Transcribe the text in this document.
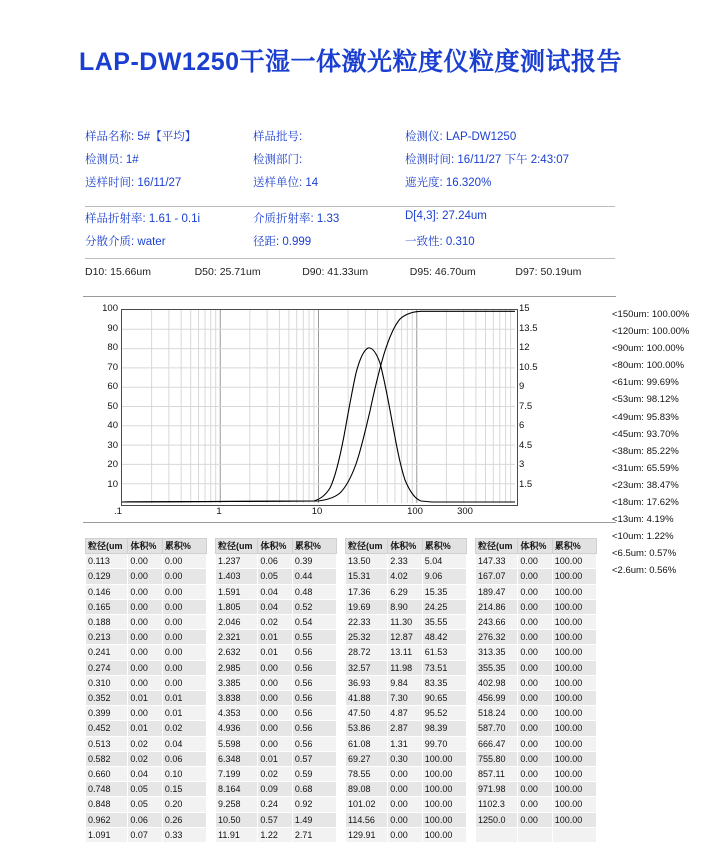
LAP-DW1250干湿一体激光粒度仪粒度测试报告
样品名称: 5#【平均】	样品批号:	检测仪: LAP-DW1250
检测员: 1#	检测部门:	检测时间: 16/11/27 下午 2:43:07
送样时间: 16/11/27	送样单位: 14	遮光度: 16.320%
样品折射率: 1.61 - 0.1i	介质折射率: 1.33	D[4,3]: 27.24um
分散介质: water	径距: 0.999	一致性: 0.310
D10: 15.66um	D50: 25.71um	D90: 41.33um	D95: 46.70um	D97: 50.19um
100
90
80
70
60
50
40
30
20
10
15
13.5
12
10.5
9
7.5
6
4.5
3
1.5
.1	1	10	100	300
<150um: 100.00%
<120um: 100.00%
<90um: 100.00%
<80um: 100.00%
<61um: 99.69%
<53um: 98.12%
<49um: 95.83%
<45um: 93.70%
<38um: 85.22%
<31um: 65.59%
<23um: 38.47%
<18um: 17.62%
<13um: 4.19%
<10um: 1.22%
<6.5um: 0.57%
<2.6um: 0.56%
粒径(um	体积%	累积%
0.113	0.00	0.00
0.129	0.00	0.00
0.146	0.00	0.00
0.165	0.00	0.00
0.188	0.00	0.00
0.213	0.00	0.00
0.241	0.00	0.00
0.274	0.00	0.00
0.310	0.00	0.00
0.352	0.01	0.01
0.399	0.00	0.01
0.452	0.01	0.02
0.513	0.02	0.04
0.582	0.02	0.06
0.660	0.04	0.10
0.748	0.05	0.15
0.848	0.05	0.20
0.962	0.06	0.26
1.091	0.07	0.33
粒径(um	体积%	累积%
1.237	0.06	0.39
1.403	0.05	0.44
1.591	0.04	0.48
1.805	0.04	0.52
2.046	0.02	0.54
2.321	0.01	0.55
2.632	0.01	0.56
2.985	0.00	0.56
3.385	0.00	0.56
3.838	0.00	0.56
4.353	0.00	0.56
4.936	0.00	0.56
5.598	0.00	0.56
6.348	0.01	0.57
7.199	0.02	0.59
8.164	0.09	0.68
9.258	0.24	0.92
10.50	0.57	1.49
11.91	1.22	2.71
粒径(um	体积%	累积%
13.50	2.33	5.04
15.31	4.02	9.06
17.36	6.29	15.35
19.69	8.90	24.25
22.33	11.30	35.55
25.32	12.87	48.42
28.72	13.11	61.53
32.57	11.98	73.51
36.93	9.84	83.35
41.88	7.30	90.65
47.50	4.87	95.52
53.86	2.87	98.39
61.08	1.31	99.70
69.27	0.30	100.00
78.55	0.00	100.00
89.08	0.00	100.00
101.02	0.00	100.00
114.56	0.00	100.00
129.91	0.00	100.00
粒径(um	体积%	累积%
147.33	0.00	100.00
167.07	0.00	100.00
189.47	0.00	100.00
214.86	0.00	100.00
243.66	0.00	100.00
276.32	0.00	100.00
313.35	0.00	100.00
355.35	0.00	100.00
402.98	0.00	100.00
456.99	0.00	100.00
518.24	0.00	100.00
587.70	0.00	100.00
666.47	0.00	100.00
755.80	0.00	100.00
857.11	0.00	100.00
971.98	0.00	100.00
1102.3	0.00	100.00
1250.0	0.00	100.00
